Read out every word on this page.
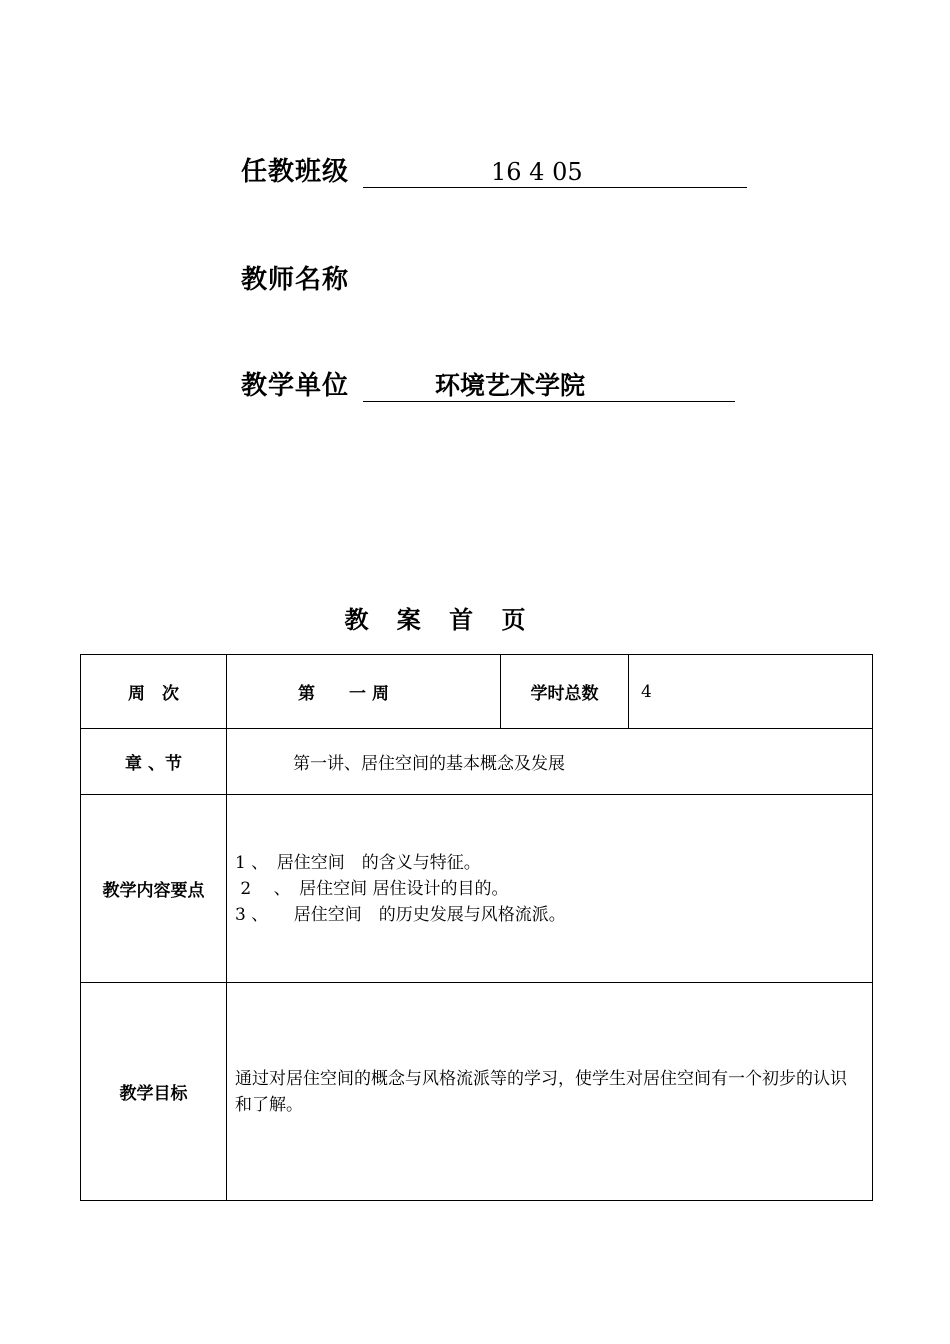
任教班级	16 4 05
教师名称
教学单位	环境艺术学院
教 案 首 页
周　次	第　　一 周	学时总数	4
章 、节	第一讲、居住空间的基本概念及发展		
教学内容要点	1 、　居住空间　的含义与特征。
2 　、　居住空间 居住设计的目的。
3 、　　居住空间　的历史发展与风格流派。		

教学目标	通过对居住空间的概念与风格流派等的学习，使学生对居住空间有一个初步的认识和了解。		
